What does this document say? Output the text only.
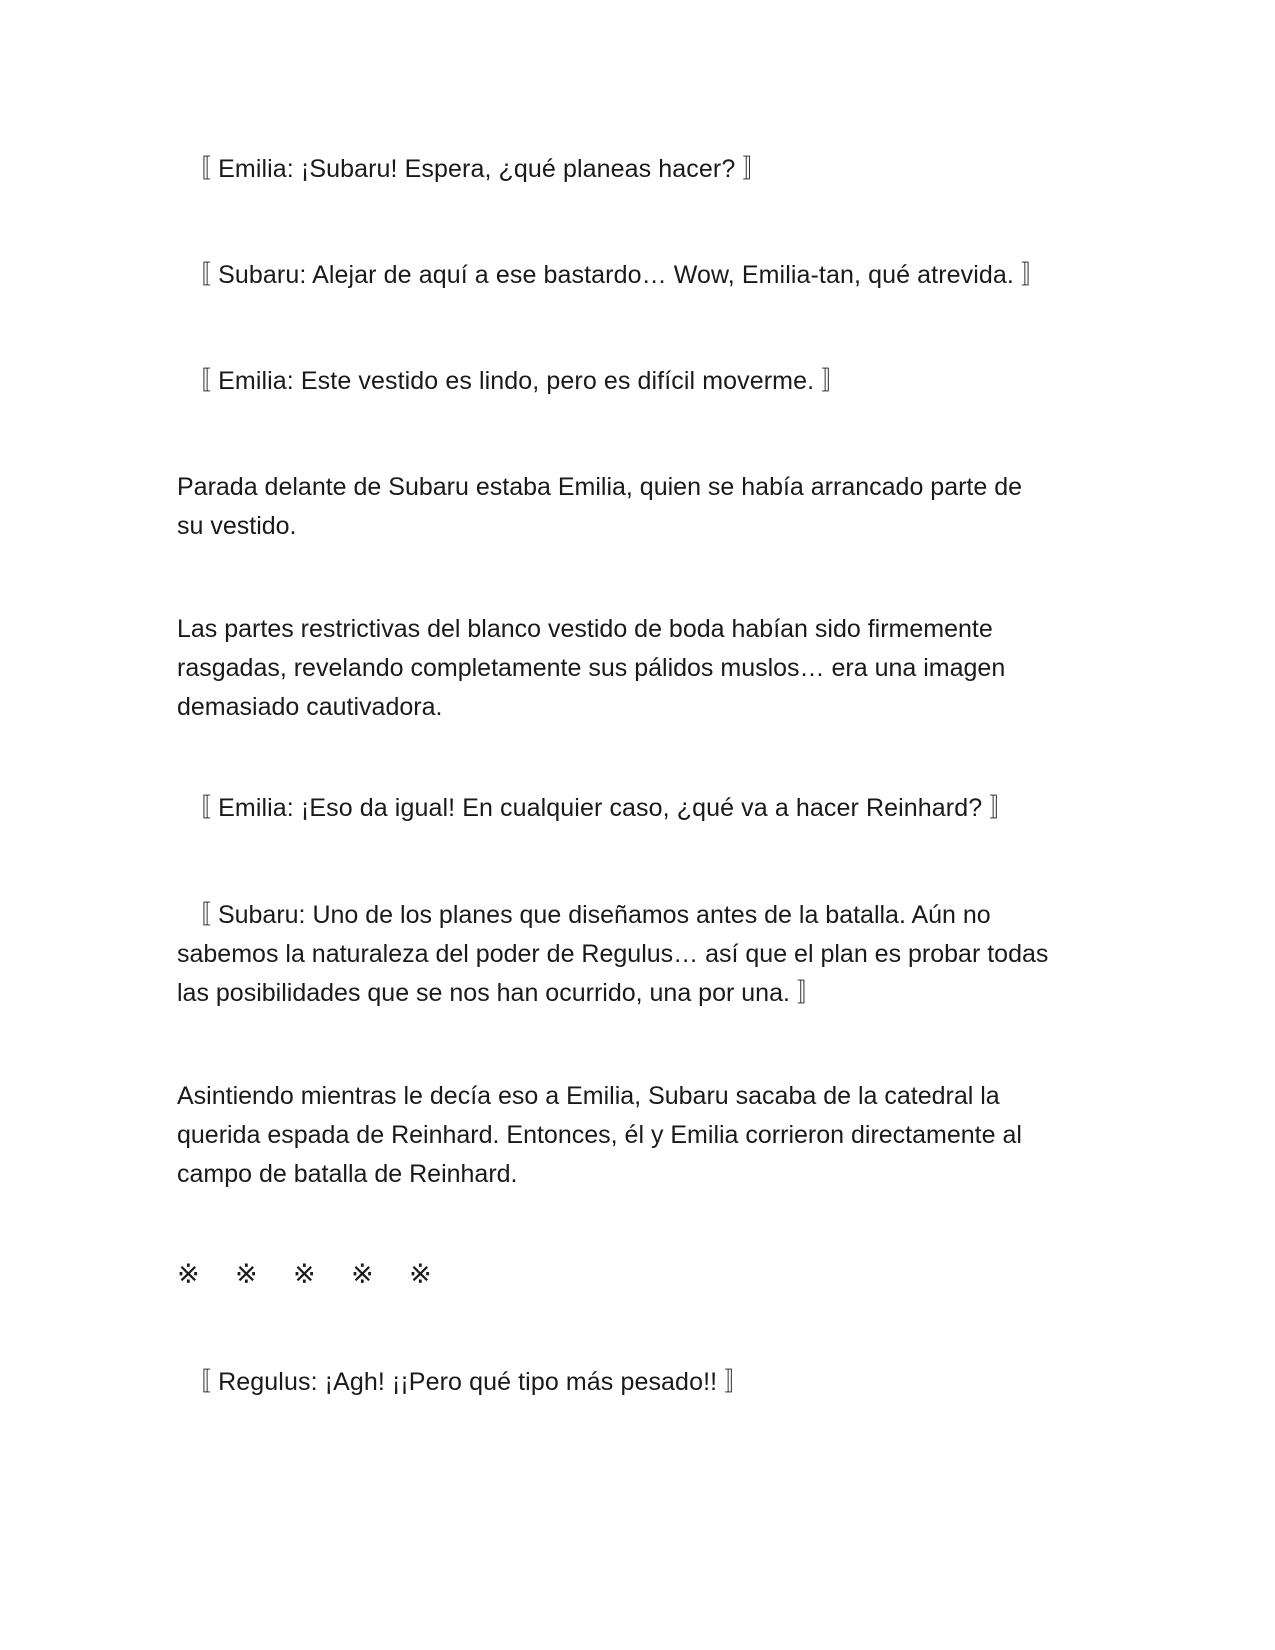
〚 Emilia: ¡Subaru! Espera, ¿qué planeas hacer? 〛
〚 Subaru: Alejar de aquí a ese bastardo… Wow, Emilia-tan, qué atrevida. 〛
〚 Emilia: Este vestido es lindo, pero es difícil moverme. 〛
Parada delante de Subaru estaba Emilia, quien se había arrancado parte de
su vestido.
Las partes restrictivas del blanco vestido de boda habían sido firmemente
rasgadas, revelando completamente sus pálidos muslos… era una imagen
demasiado cautivadora.
〚 Emilia: ¡Eso da igual! En cualquier caso, ¿qué va a hacer Reinhard? 〛
〚 Subaru: Uno de los planes que diseñamos antes de la batalla. Aún no
sabemos la naturaleza del poder de Regulus… así que el plan es probar todas
las posibilidades que se nos han ocurrido, una por una. 〛
Asintiendo mientras le decía eso a Emilia, Subaru sacaba de la catedral la
querida espada de Reinhard. Entonces, él y Emilia corrieron directamente al
campo de batalla de Reinhard.
※ ※ ※ ※ ※
〚 Regulus: ¡Agh! ¡¡Pero qué tipo más pesado!! 〛
